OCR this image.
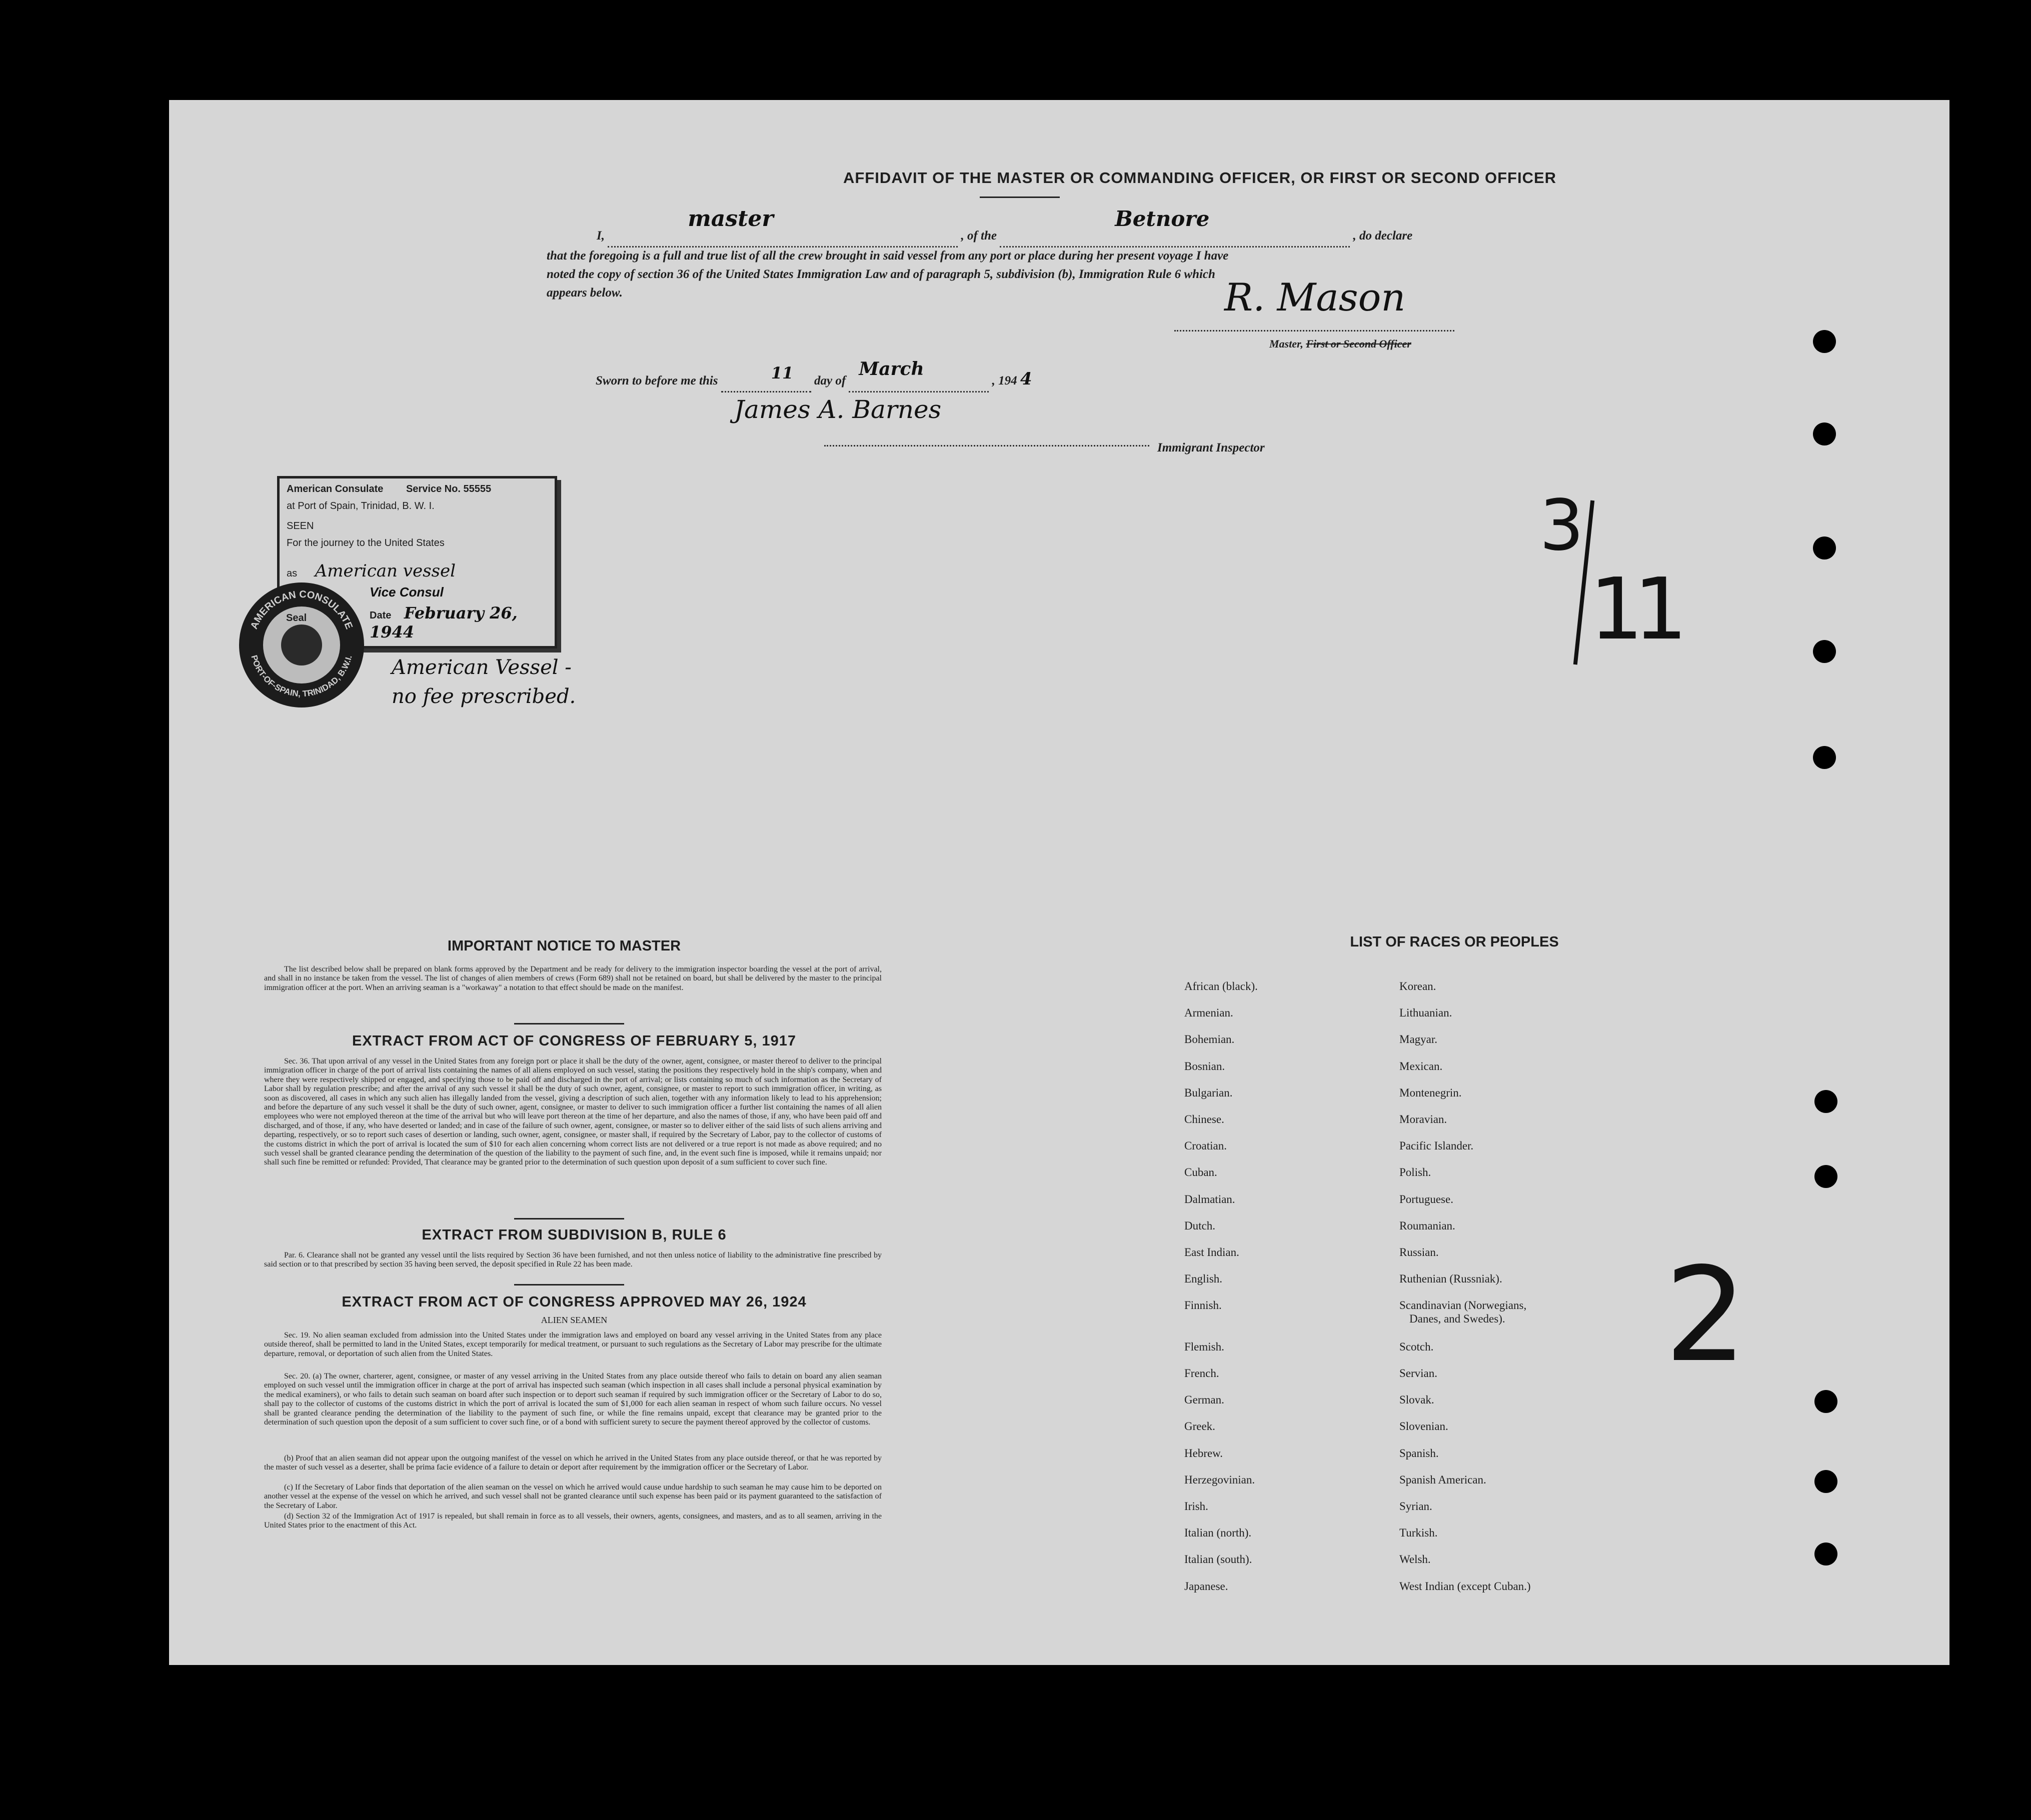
AFFIDAVIT OF THE MASTER OR COMMANDING OFFICER, OR FIRST OR SECOND OFFICER
I,
master
, of the
Betnore
, do declare
that the foregoing is a full and true list of all the crew brought in said vessel from any port or place during her present voyage I have
noted the copy of section 36 of the United States Immigration Law and of paragraph 5, subdivision (b), Immigration Rule 6 which
appears below.	R. Mason
Master, First or Second Officer
Sworn to before me this	11 day of
March
, 194 4
James A. Barnes
Immigrant Inspector
American Consulate Service No. 55555
at Port of Spain, Trinidad, B. W. I.
SEEN
For the journey to the United States
as American vessel
Vice Consul
Date February 26, 1944
AMERICAN CONSULATE
PORT-OF-SPAIN, TRINIDAD, B.W.I.
Seal
American Vessel -
no fee prescribed.
3
11
2
IMPORTANT NOTICE TO MASTER
The list described below shall be prepared on blank forms approved by the Department and be ready for delivery to the immigration inspector boarding the vessel at the port of arrival, and shall in no instance be taken from the vessel. The list of changes of alien members of crews (Form 689) shall not be retained on board, but shall be delivered by the master to the principal immigration officer at the port. When an arriving seaman is a "workaway" a notation to that effect should be made on the manifest.
EXTRACT FROM ACT OF CONGRESS OF FEBRUARY 5, 1917
Sec. 36. That upon arrival of any vessel in the United States from any foreign port or place it shall be the duty of the owner, agent, consignee, or master thereof to deliver to the principal immigration officer in charge of the port of arrival lists containing the names of all aliens employed on such vessel, stating the positions they respectively hold in the ship's company, when and where they were respectively shipped or engaged, and specifying those to be paid off and discharged in the port of arrival; or lists containing so much of such information as the Secretary of Labor shall by regulation prescribe; and after the arrival of any such vessel it shall be the duty of such owner, agent, consignee, or master to report to such immigration officer, in writing, as soon as discovered, all cases in which any such alien has illegally landed from the vessel, giving a description of such alien, together with any information likely to lead to his apprehension; and before the departure of any such vessel it shall be the duty of such owner, agent, consignee, or master to deliver to such immigration officer a further list containing the names of all alien employees who were not employed thereon at the time of the arrival but who will leave port thereon at the time of her departure, and also the names of those, if any, who have been paid off and discharged, and of those, if any, who have deserted or landed; and in case of the failure of such owner, agent, consignee, or master so to deliver either of the said lists of such aliens arriving and departing, respectively, or so to report such cases of desertion or landing, such owner, agent, consignee, or master shall, if required by the Secretary of Labor, pay to the collector of customs of the customs district in which the port of arrival is located the sum of $10 for each alien concerning whom correct lists are not delivered or a true report is not made as above required; and no such vessel shall be granted clearance pending the determination of the question of the liability to the payment of such fine, and, in the event such fine is imposed, while it remains unpaid; nor shall such fine be remitted or refunded: Provided, That clearance may be granted prior to the determination of such question upon deposit of a sum sufficient to cover such fine.
EXTRACT FROM SUBDIVISION B, RULE 6
Par. 6. Clearance shall not be granted any vessel until the lists required by Section 36 have been furnished, and not then unless notice of liability to the administrative fine prescribed by said section or to that prescribed by section 35 having been served, the deposit specified in Rule 22 has been made.
EXTRACT FROM ACT OF CONGRESS APPROVED MAY 26, 1924
ALIEN SEAMEN
Sec. 19. No alien seaman excluded from admission into the United States under the immigration laws and employed on board any vessel arriving in the United States from any place outside thereof, shall be permitted to land in the United States, except temporarily for medical treatment, or pursuant to such regulations as the Secretary of Labor may prescribe for the ultimate departure, removal, or deportation of such alien from the United States.
Sec. 20. (a) The owner, charterer, agent, consignee, or master of any vessel arriving in the United States from any place outside thereof who fails to detain on board any alien seaman employed on such vessel until the immigration officer in charge at the port of arrival has inspected such seaman (which inspection in all cases shall include a personal physical examination by the medical examiners), or who fails to detain such seaman on board after such inspection or to deport such seaman if required by such immigration officer or the Secretary of Labor to do so, shall pay to the collector of customs of the customs district in which the port of arrival is located the sum of $1,000 for each alien seaman in respect of whom such failure occurs. No vessel shall be granted clearance pending the determination of the liability to the payment of such fine, or while the fine remains unpaid, except that clearance may be granted prior to the determination of such question upon the deposit of a sum sufficient to cover such fine, or of a bond with sufficient surety to secure the payment thereof approved by the collector of customs.
(b) Proof that an alien seaman did not appear upon the outgoing manifest of the vessel on which he arrived in the United States from any place outside thereof, or that he was reported by the master of such vessel as a deserter, shall be prima facie evidence of a failure to detain or deport after requirement by the immigration officer or the Secretary of Labor.
(c) If the Secretary of Labor finds that deportation of the alien seaman on the vessel on which he arrived would cause undue hardship to such seaman he may cause him to be deported on another vessel at the expense of the vessel on which he arrived, and such vessel shall not be granted clearance until such expense has been paid or its payment guaranteed to the satisfaction of the Secretary of Labor.
(d) Section 32 of the Immigration Act of 1917 is repealed, but shall remain in force as to all vessels, their owners, agents, consignees, and masters, and as to all seamen, arriving in the United States prior to the enactment of this Act.
LIST OF RACES OR PEOPLES
African (black).
Armenian.
Bohemian.
Bosnian.
Bulgarian.
Chinese.
Croatian.
Cuban.
Dalmatian.
Dutch.
East Indian.
English.
Finnish.
Flemish.
French.
German.
Greek.
Hebrew.
Herzegovinian.
Irish.
Italian (north).
Italian (south).
Japanese.
Korean.
Lithuanian.
Magyar.
Mexican.
Montenegrin.
Moravian.
Pacific Islander.
Polish.
Portuguese.
Roumanian.
Russian.
Ruthenian (Russniak).
Scandinavian (Norwegians,
Danes, and Swedes).
Scotch.
Servian.
Slovak.
Slovenian.
Spanish.
Spanish American.
Syrian.
Turkish.
Welsh.
West Indian (except Cuban.)
